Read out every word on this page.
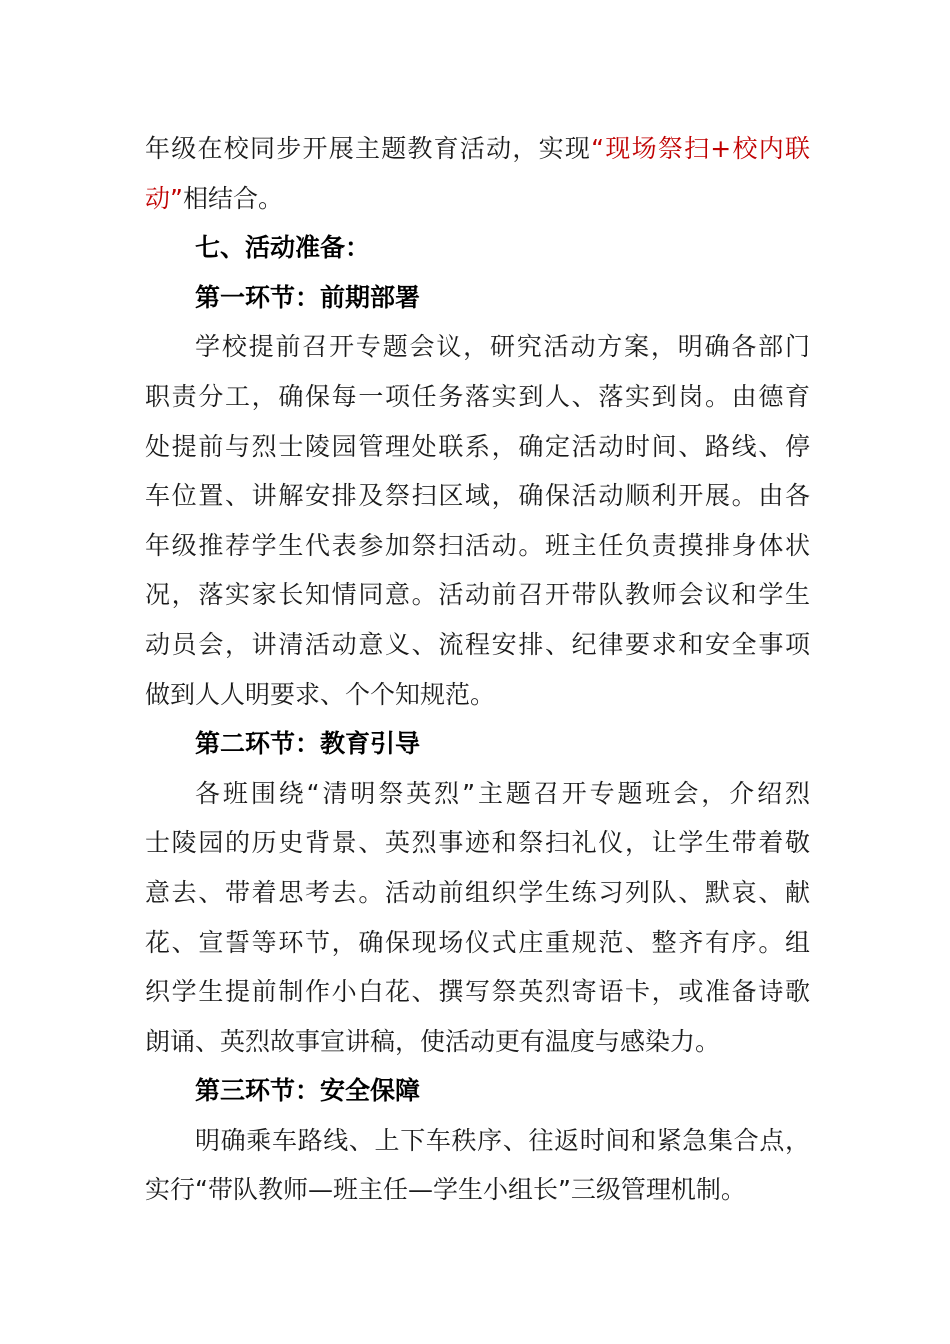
年级在校同步开展主题教育活动，实现“现场祭扫+校内联
动”相结合。
七、活动准备：
第一环节：前期部署
学校提前召开专题会议，研究活动方案，明确各部门
职责分工，确保每一项任务落实到人、落实到岗。由德育
处提前与烈士陵园管理处联系，确定活动时间、路线、停
车位置、讲解安排及祭扫区域，确保活动顺利开展。由各
年级推荐学生代表参加祭扫活动。班主任负责摸排身体状
况，落实家长知情同意。活动前召开带队教师会议和学生
动员会，讲清活动意义、流程安排、纪律要求和安全事项
做到人人明要求、个个知规范。
第二环节：教育引导
各班围绕“清明祭英烈”主题召开专题班会，介绍烈
士陵园的历史背景、英烈事迹和祭扫礼仪，让学生带着敬
意去、带着思考去。活动前组织学生练习列队、默哀、献
花、宣誓等环节，确保现场仪式庄重规范、整齐有序。组
织学生提前制作小白花、撰写祭英烈寄语卡，或准备诗歌
朗诵、英烈故事宣讲稿，使活动更有温度与感染力。
第三环节：安全保障
明确乘车路线、上下车秩序、往返时间和紧急集合点，
实行“带队教师—班主任—学生小组长”三级管理机制。
